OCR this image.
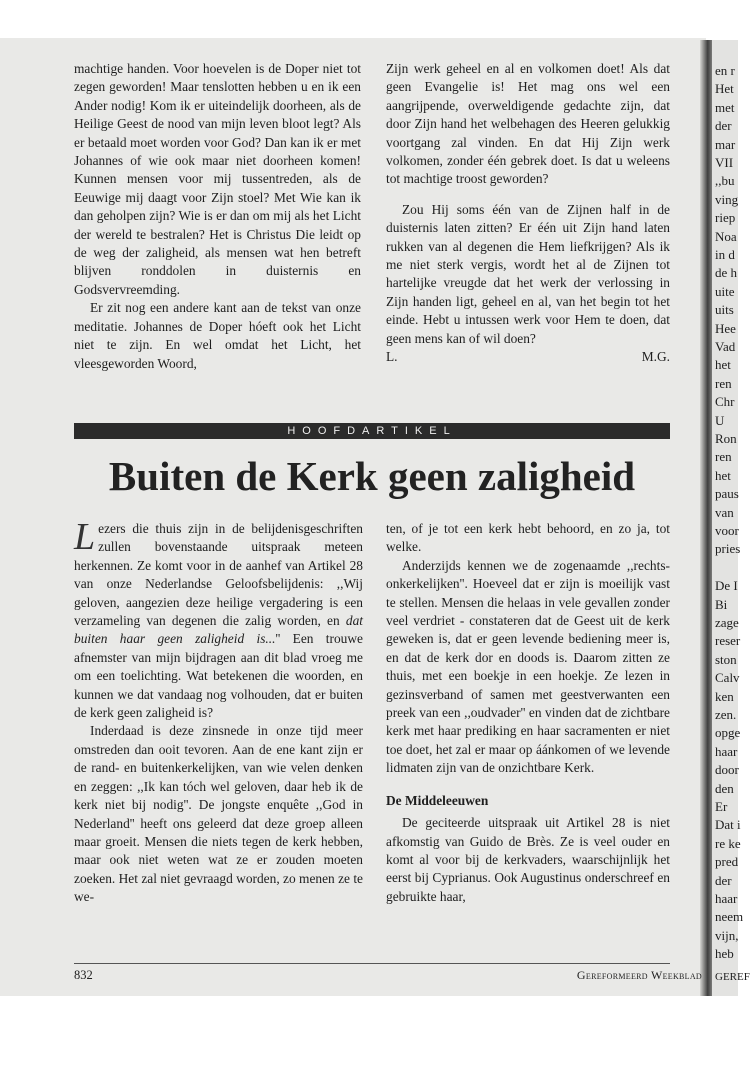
machtige handen. Voor hoevelen is de Doper niet tot zegen geworden! Maar tenslotten hebben u en ik een Ander nodig! Kom ik er uiteindelijk doorheen, als de Heilige Geest de nood van mijn leven bloot legt? Als er betaald moet worden voor God? Dan kan ik er met Johannes of wie ook maar niet doorheen komen! Kunnen mensen voor mij tussentreden, als de Eeuwige mij daagt voor Zijn stoel? Met Wie kan ik dan geholpen zijn? Wie is er dan om mij als het Licht der wereld te bestralen? Het is Christus Die leidt op de weg der zaligheid, als mensen wat hen betreft blijven ronddolen in duisternis en Godsvervreemding.

Er zit nog een andere kant aan de tekst van onze meditatie. Johannes de Doper hóeft ook het Licht niet te zijn. En wel omdat het Licht, het vleesgeworden Woord,

Zijn werk geheel en al en volkomen doet! Als dat geen Evangelie is! Het mag ons wel een aangrijpende, overweldigende gedachte zijn, dat door Zijn hand het welbehagen des Heeren gelukkig voortgang zal vinden. En dat Hij Zijn werk volkomen, zonder één gebrek doet. Is dat u weleens tot machtige troost geworden?

Zou Hij soms één van de Zijnen half in de duisternis laten zitten? Er één uit Zijn hand laten rukken van al degenen die Hem liefkrijgen? Als ik me niet sterk vergis, wordt het al de Zijnen tot hartelijke vreugde dat het werk der verlossing in Zijn handen ligt, geheel en al, van het begin tot het einde. Hebt u intussen werk voor Hem te doen, dat geen mens kan of wil doen?

L.	M.G.
HOOFDARTIKEL
Buiten de Kerk geen zaligheid

Lezers die thuis zijn in de belijdenisgeschriften zullen bovenstaande uitspraak meteen herkennen. Ze komt voor in de aanhef van Artikel 28 van onze Nederlandse Geloofsbelijdenis: ,,Wij geloven, aangezien deze heilige vergadering is een verzameling van degenen die zalig worden, en dat buiten haar geen zaligheid is...'' Een trouwe afnemster van mijn bijdragen aan dit blad vroeg me om een toelichting. Wat betekenen die woorden, en kunnen we dat vandaag nog volhouden, dat er buiten de kerk geen zaligheid is?

Inderdaad is deze zinsnede in onze tijd meer omstreden dan ooit tevoren. Aan de ene kant zijn er de rand- en buitenkerkelijken, van wie velen denken en zeggen: ,,Ik kan tóch wel geloven, daar heb ik de kerk niet bij nodig''. De jongste enquête ,,God in Nederland'' heeft ons geleerd dat deze groep alleen maar groeit. Mensen die niets tegen de kerk hebben, maar ook niet weten wat ze er zouden moeten zoeken. Het zal niet gevraagd worden, zo menen ze te we-

ten, of je tot een kerk hebt behoord, en zo ja, tot welke.

Anderzijds kennen we de zogenaamde ,,rechts-onkerkelijken''. Hoeveel dat er zijn is moeilijk vast te stellen. Mensen die helaas in vele gevallen zonder veel verdriet - constateren dat de Geest uit de kerk geweken is, dat er geen levende bediening meer is, en dat de kerk dor en doods is. Daarom zitten ze thuis, met een boekje in een hoekje. Ze lezen in gezinsverband of samen met geestverwanten een preek van een ,,oudvader'' en vinden dat de zichtbare kerk met haar prediking en haar sacramenten er niet toe doet, het zal er maar op áánkomen of we levende lidmaten zijn van de onzichtbare Kerk.

De Middeleeuwen

De geciteerde uitspraak uit Artikel 28 is niet afkomstig van Guido de Brès. Ze is veel ouder en komt al voor bij de kerkvaders, waarschijnlijk het eerst bij Cyprianus. Ook Augustinus onderschreef en gebruikte haar,

832	Gereformeerd Weekblad
en r
Het
met
der
mar
VII
,,bu
ving
riep
Noa
in d
de h
uite
uits
Hee
Vad
het
ren
Chr
U
Ron
ren
het
paus
van
voor
pries
De I
Bi
zage
reser
ston
Calv
ken
zen.
opge
haar
door
den
Er
Dat i
re ke
pred
der
haar
neem
vijn,
heb
GEREF
